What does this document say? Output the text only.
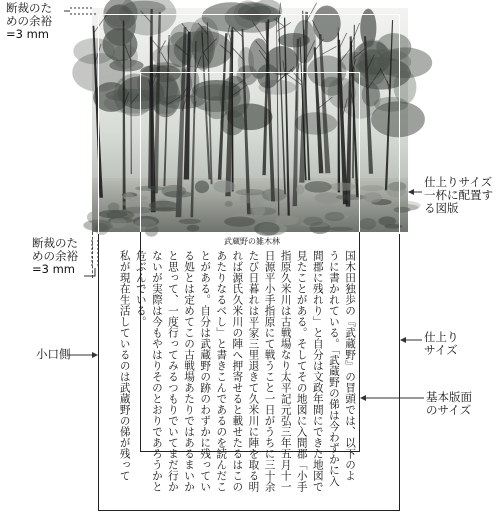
武蔵野の雑木林
国木田独歩の『武蔵野』の冒頭では、以下のよ
うに書かれている。「武蔵野の俤は今わずかに入
間郡に残れり」と自分は文政年間にできた地図で
見たことがある。そしてその地図に入間郡「小手
指原久米川は古戦場なり太平記元弘三年五月十一
日源平小手指原にて戦うこと一日がうちに三十余
たび日暮れは平家三里退きて久米川に陣を取る明
れば源氏久米川の陣へ押寄せると載せたるはこの
あたりなるべし」と書きこんであるのを読んだこ
とがある。自分は武蔵野の跡のわずかに残ってい
る処とは定めてこの古戦場あたりではあるまいか
と思って、一度行ってみるつもりでいてまだ行か
ないが実際は今もやはりそのとおりであろうかと
危ぶんでいる。
私が現在生活しているのは武蔵野の俤が残って
断裁のた
めの余裕
=3 mm
断裁のた
めの余裕
=3 mm
小口側
仕上りサイズ
一杯に配置す
る図版
仕上り
サイズ
基本版面
のサイズ
